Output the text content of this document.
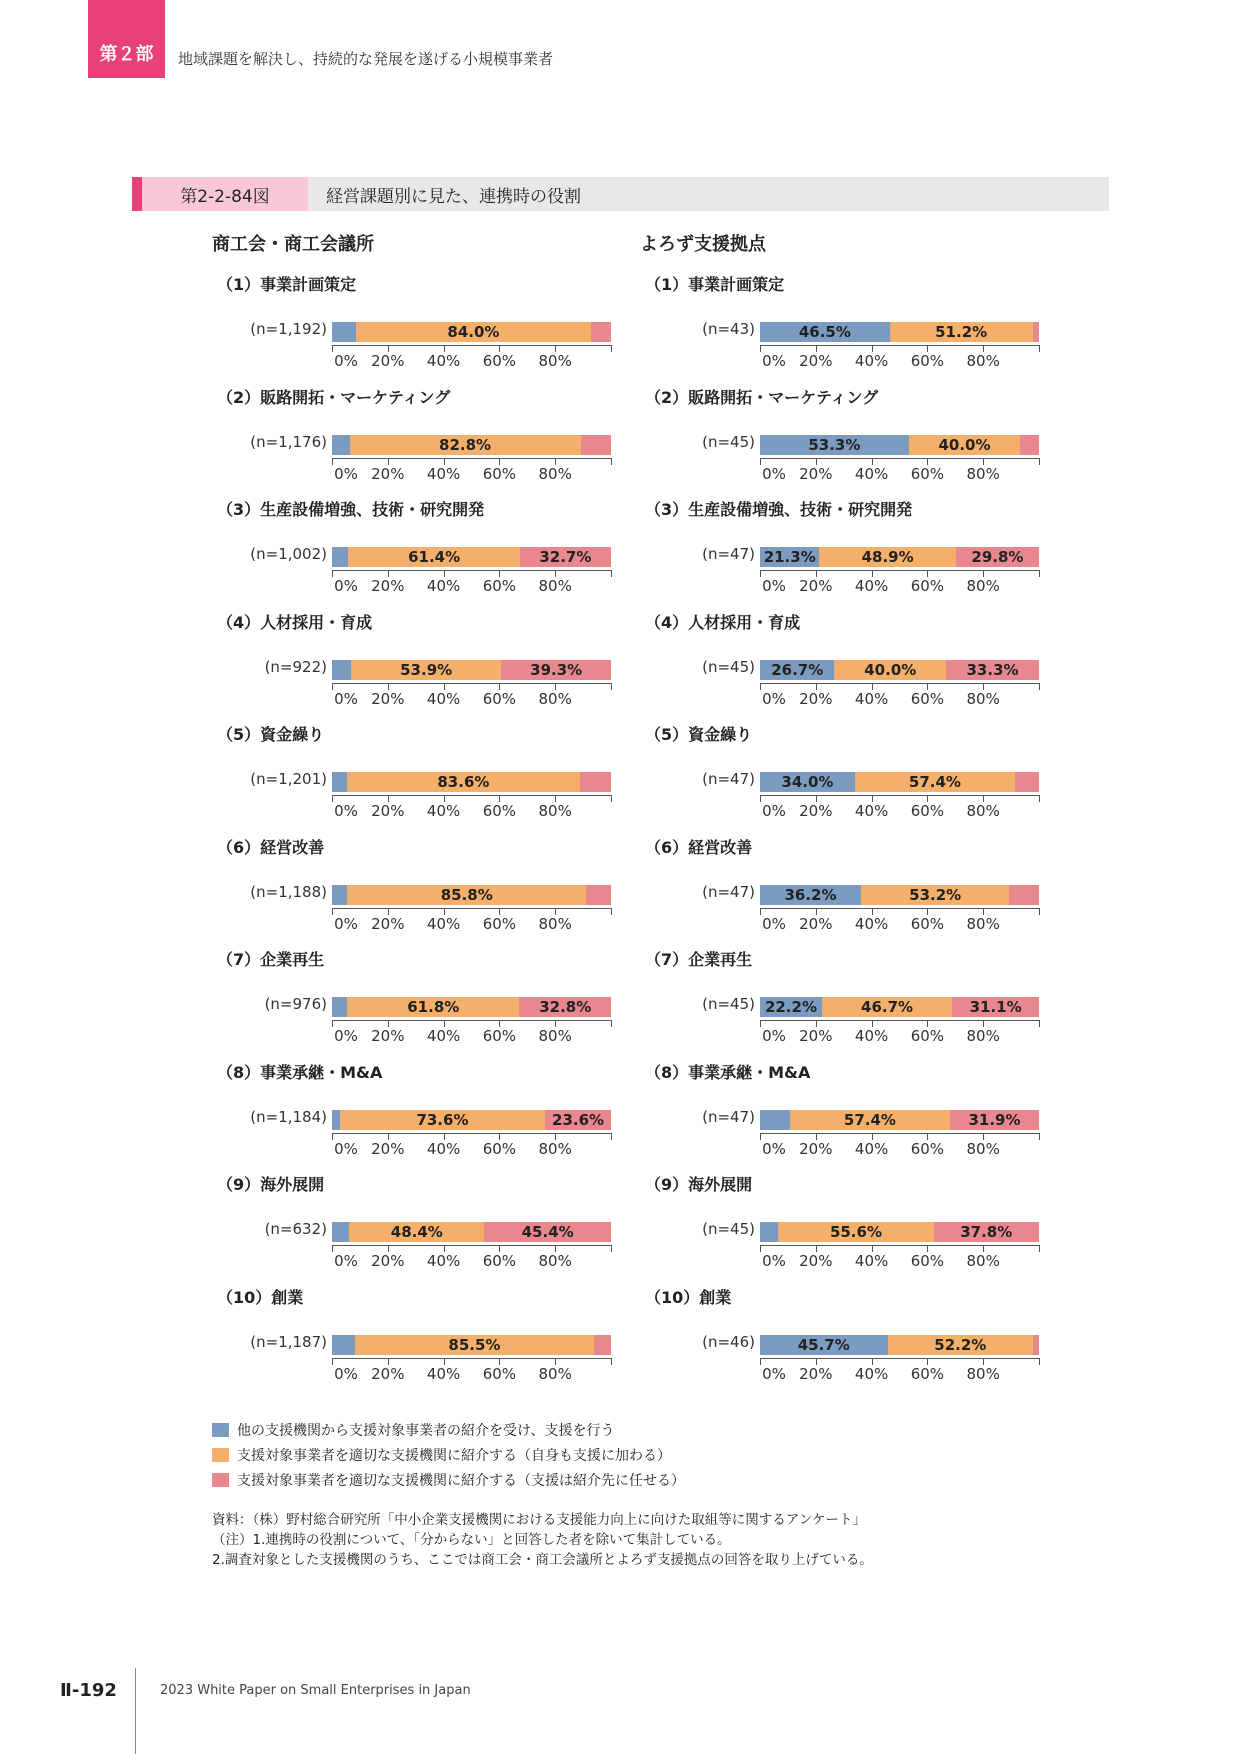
第２部 地域課題を解決し、持続的な発展を遂げる小規模事業者
第2-2-84図	経営課題別に見た、連携時の役割
商工会・商工会議所
（1）事業計画策定
(n=1,192)	84.0%
0% 20% 40% 60% 80%
（2）販路開拓・マーケティング
(n=1,176)	82.8%
0% 20% 40% 60% 80%
（3）生産設備増強、技術・研究開発
(n=1,002)	61.4%	32.7%
0% 20% 40% 60% 80%
（4）人材採用・育成
(n=922)	53.9%	39.3%
0% 20% 40% 60% 80%
（5）資金繰り
(n=1,201)	83.6%
0% 20% 40% 60% 80%
（6）経営改善
(n=1,188)	85.8%
0% 20% 40% 60% 80%
（7）企業再生
(n=976)	61.8%	32.8%
0% 20% 40% 60% 80%
（8）事業承継・M&A
(n=1,184)	73.6%	23.6%
0% 20% 40% 60% 80%
（9）海外展開
(n=632)	48.4%	45.4%
0% 20% 40% 60% 80%
（10）創業
(n=1,187)	85.5%
0% 20% 40% 60% 80%
よろず支援拠点
（1）事業計画策定
(n=43)	46.5%	51.2%
0% 20% 40% 60% 80%
（2）販路開拓・マーケティング
(n=45)	53.3%	40.0%
0% 20% 40% 60% 80%
（3）生産設備増強、技術・研究開発
(n=47) 21.3%	48.9%	29.8%
0% 20% 40% 60% 80%
（4）人材採用・育成
(n=45) 26.7%	40.0%	33.3%
0% 20% 40% 60% 80%
（5）資金繰り
(n=47) 34.0%	57.4%
0% 20% 40% 60% 80%
（6）経営改善
(n=47) 36.2%	53.2%
0% 20% 40% 60% 80%
（7）企業再生
(n=45) 22.2%	46.7%	31.1%
0% 20% 40% 60% 80%
（8）事業承継・M&A
(n=47)	57.4%	31.9%
0% 20% 40% 60% 80%
（9）海外展開
(n=45)	55.6%	37.8%
0% 20% 40% 60% 80%
（10）創業
(n=46)	45.7%	52.2%
0% 20% 40% 60% 80%
他の支援機関から支援対象事業者の紹介を受け、支援を行う
支援対象事業者を適切な支援機関に紹介する（自身も支援に加わる）
支援対象事業者を適切な支援機関に紹介する（支援は紹介先に任せる）
資料：（株）野村総合研究所「中小企業支援機関における支援能力向上に向けた取組等に関するアンケート」
（注）1.連携時の役割について、「分からない」と回答した者を除いて集計している。
2.調査対象とした支援機関のうち、ここでは商工会・商工会議所とよろず支援拠点の回答を取り上げている。
Ⅱ-192	2023 White Paper on Small Enterprises in Japan
